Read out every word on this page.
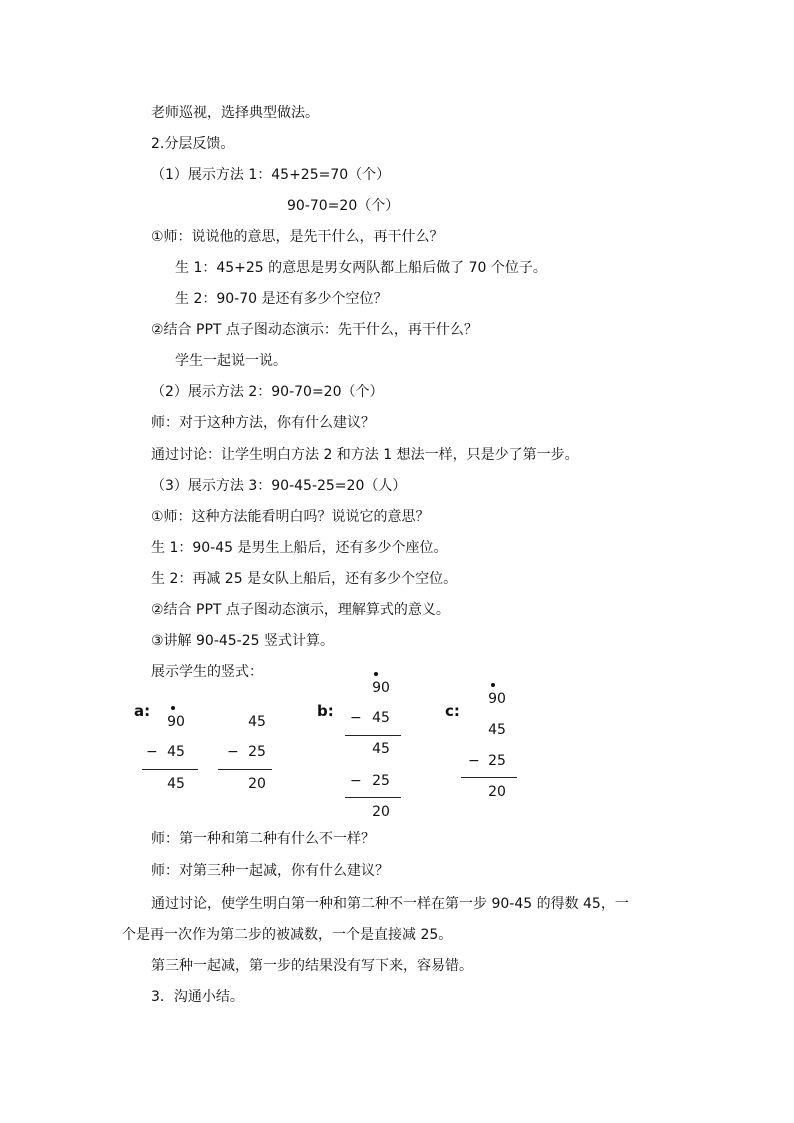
老师巡视，选择典型做法。
2.分层反馈。
（1）展示方法 1：45+25=70（个）
90-70=20（个）
①师：说说他的意思，是先干什么，再干什么？
生 1：45+25 的意思是男女两队都上船后做了 70 个位子。
生 2：90-70 是还有多少个空位？
②结合 PPT 点子图动态演示：先干什么，再干什么？
学生一起说一说。
（2）展示方法 2：90-70=20（个）
师：对于这种方法，你有什么建议？
通过讨论：让学生明白方法 2 和方法 1 想法一样，只是少了第一步。
（3）展示方法 3：90-45-25=20（人）
①师：这种方法能看明白吗？说说它的意思？
生 1：90-45 是男生上船后，还有多少个座位。
生 2：再减 25 是女队上船后，还有多少个空位。
②结合 PPT 点子图动态演示，理解算式的意义。
③讲解 90-45-25 竖式计算。
展示学生的竖式：
a:
90
− 45
45
45
− 25
20
b:
90
− 45
45
− 25
20
c:
90
45
− 25
20
师：第一种和第二种有什么不一样？
师：对第三种一起减，你有什么建议？
通过讨论，使学生明白第一种和第二种不一样在第一步 90-45 的得数 45，一
个是再一次作为第二步的被减数，一个是直接减 25。
第三种一起减，第一步的结果没有写下来，容易错。
3．沟通小结。
